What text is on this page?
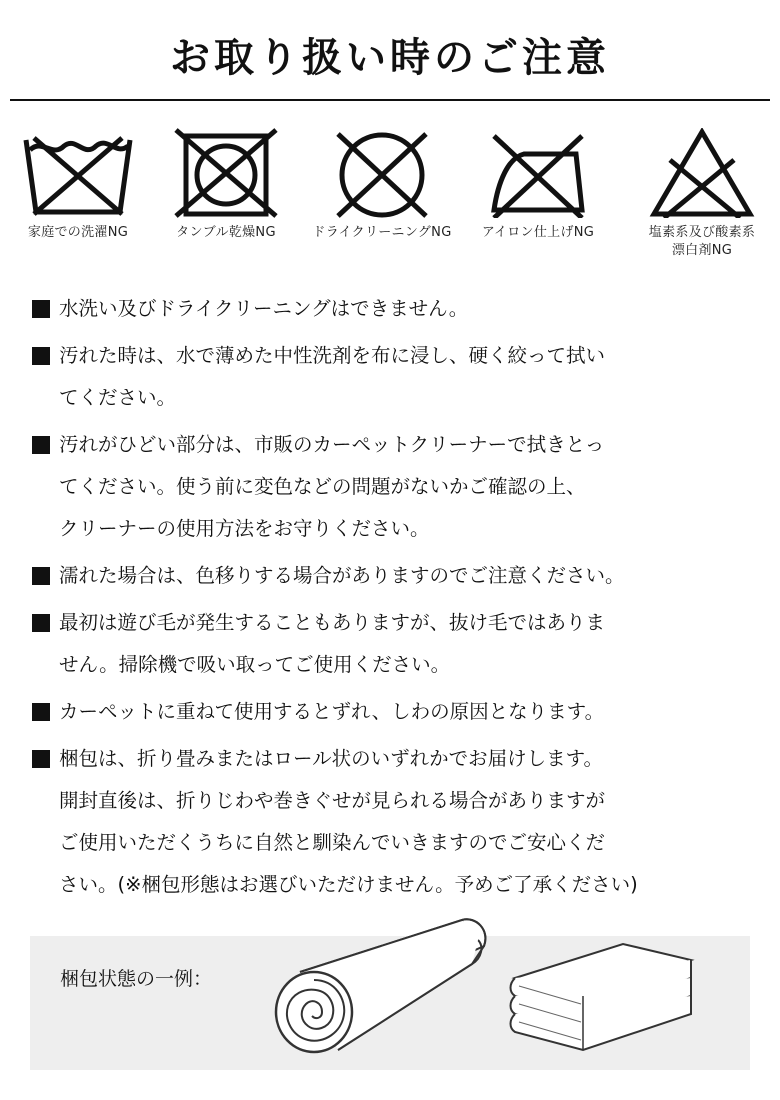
お取り扱い時のご注意
家庭での洗濯NG	タンブル乾燥NG	ドライクリーニングNG	アイロン仕上げNG	塩素系及び酸素系
漂白剤NG
水洗い及びドライクリーニングはできません。
汚れた時は、水で薄めた中性洗剤を布に浸し、硬く絞って拭い
てください。
汚れがひどい部分は、市販のカーペットクリーナーで拭きとっ
てください。使う前に変色などの問題がないかご確認の上、
クリーナーの使用方法をお守りください。
濡れた場合は、色移りする場合がありますのでご注意ください。
最初は遊び毛が発生することもありますが、抜け毛ではありま
せん。掃除機で吸い取ってご使用ください。
カーペットに重ねて使用するとずれ、しわの原因となります。
梱包は、折り畳みまたはロール状のいずれかでお届けします。
開封直後は、折りじわや巻きぐせが見られる場合がありますが
ご使用いただくうちに自然と馴染んでいきますのでご安心くだ
さい。(※梱包形態はお選びいただけません。予めご了承ください)
梱包状態の一例：
